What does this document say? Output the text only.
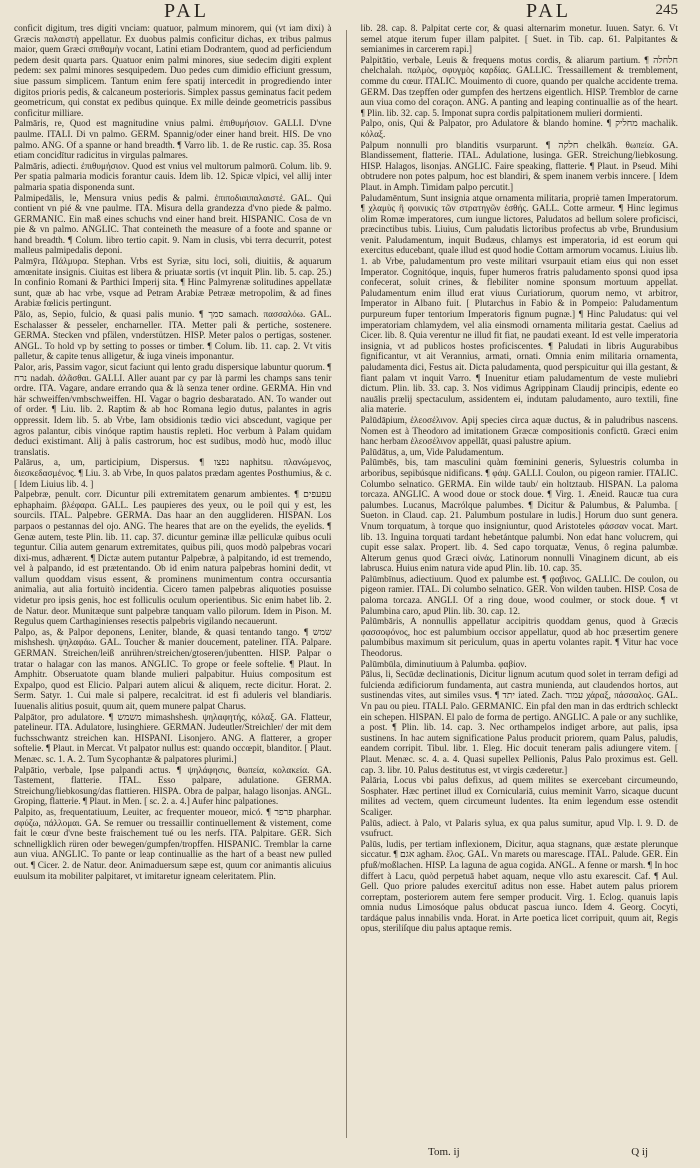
PAL	PAL	245

conficit digitum, tres digiti vnciam: quatuor, palmum minorem, qui (vt iam dixi) à Græcis παλαιστὴ appellatur. Ex duobus palmis conficitur dichas, ex tribus palmus maior, quem Græci σπιθαμὴν vocant, Latini etiam Dodrantem, quod ad perficiendum pedem desit quarta pars. Quatuor enim palmi minores, siue sedecim digiti explent pedem: sex palmi minores sesquipedem. Duo pedes cum dimidio efficiunt gressum, siue passum simplicem. Tantum enim fere spatij intercedit in progrediendo inter digitos prioris pedis, & calcaneum posterioris. Simplex passus geminatus facit pedem geometricum, qui constat ex pedibus quinque. Ex mille deinde geometricis passibus conficitur milliare.

Palmāris, re, Quod est magnitudine vnius palmi. ἐπιθυμήσιον. GALLI. D'vne paulme. ITALI. Di vn palmo. GERM. Spannig/oder einer hand breit. HIS. De vno palmo. ANG. Of a spanne or hand breadth. ¶ Varro lib. 1. de Re rustic. cap. 35. Rosa etiam concidītur radicitus in virgulas palmares.

Palmāris, adiecti. ἐπιθυμήσιον. Quod est vnius vel multorum palmorū. Colum. lib. 9. Per spatia palmaria modicis forantur cauis. Idem lib. 12. Spicæ vlpici, vel allij inter palmaria spatia disponenda sunt.

Palmipedālis, le, Mensura vnius pedis & palmi. ἐπιποδιαιπαλαιστέ. GAL. Qui contient vn pié & vne paulme. ITA. Misura della grandezza d'vno piede & palmo. GERMANIC. Ein maß eines schuchs vnd einer hand breit. HISPANIC. Cosa de vn pie & vn palmo. ANGLIC. That conteineth the measure of a foote and spanne or hand breadth. ¶ Colum. libro tertio capit. 9. Nam in clusis, vbi terra decurrit, potest malleus palmipedalis deponi.

Palmȳra, Πάλμυρα. Stephan. Vrbs est Syriæ, situ loci, soli, diuitiis, & aquarum amœnitate insignis. Ciuitas est libera & priuatæ sortis (vt inquit Plin. lib. 5. cap. 25.) In confinio Romani & Parthici Imperij sita. ¶ Hinc Palmyrenæ solitudines appellatæ sunt, quæ ab hac vrbe, vsque ad Petram Arabiæ Petrææ metropolim, & ad fines Arabiæ fœlicis pertingunt.

Pālo, as, Sepio, fulcio, & quasi palis munio. ¶ סמך samach. πασσαλόω. GAL. Eschalasser & pesseler, encharneller. ITA. Metter pali & pertiche, sostenere. GERMA. Stecken vnd pfälen, vnderstützen. HISP. Meter palos o pertigas, sostener. ANGL. To hold vp by setting to posses or timber. ¶ Colum. lib. 11. cap. 2. Vt vitis palletur, & capite tenus alligetur, & iuga vineis imponantur.

Palor, aris, Passim vagor, sicut faciunt qui lento gradu dispersique labuntur quorum. ¶ נרח nadah. ἀλᾶσθαι. GALLI. Aller auant par cy par là parmi les champs sans tenir ordre. ITA. Vagare, andare errando qua & là senza tener ordine. GERMA. Hin vnd här schweiffen/vmbschweiffen. HI. Vagar o bagrio desbaratado. AN. To wander out of order. ¶ Liu. lib. 2. Raptim & ab hoc Romana legio dutus, palantes in agris oppressit. Idem lib. 5. ab Vrbe, Iam obsidionis tædio vici abscedunt, vagique per agros palantur, cibis vinóque raptim haustis repleti. Hoc verbum à Palam quidam deduci existimant. Alij à palis castrorum, hoc est sudibus, modò huc, modò illuc translatis.

Palārus, a, um, participium, Dispersus. ¶ נפצו naphitsu. πλανώμενος, διεσκεδασμένος. ¶ Liu. 3. ab Vrbe, In quos palatos prædam agentes Posthumius, & c. [ Idem Liuius lib. 4. ]

Palpebræ, penult. corr. Dicuntur pili extremitatem genarum ambientes. ¶ עפעפים ephaphaim. βλέφαρα. GALL. Les paupieres des yeux, ou le poil qui y est, les sourcils. ITAL. Palpebre. GERMA. Das haar an den augglideren. HISPAN. Los parpaos o pestannas del ojo. ANG. The heares that are on the eyelids, the eyelids. ¶ Genæ autem, teste Plin. lib. 11. cap. 37. dicuntur geminæ illæ pelliculæ quibus oculi teguntur. Cilia autem genarum extremitates, quibus pili, quos modò palpebras vocari dixi-mus, adhærent. ¶ Dictæ autem putantur Palpebræ, à palpitando, id est tremendo, vel à palpando, id est prætentando. Ob id enim natura palpebras homini dedit, vt vallum quoddam visus essent, & prominens munimentum contra occursantia animalia, aut alia fortuitò incidentia. Cicero tamen palpebras aliquoties posuisse videtur pro ipsis genis, hoc est folliculis oculum operientibus. Sic enim habet lib. 2. de Natur. deor. Munitæque sunt palpebræ tanquam vallo pilorum. Idem in Pison. M. Regulus quem Carthaginienses resectis palpebris vigilando necauerunt.

Palpo, as, & Palpor deponens, Leniter, blande, & quasi tentando tango. ¶ שמש mishshesh. ψηλαφάω. GAL. Toucher & manier doucement, pateliner. ITA. Palpare. GERMAN. Streichen/leiß anrühren/streichen/gtoseren/jubentten. HISP. Palpar o tratar o halagar con las manos. ANGLIC. To grope or feele softelie. ¶ Plaut. In Amphitr. Obseruatote quam blande mulieri palpabitur. Huius compositum est Expalpo, quod est Elicio. Palpari autem alicui & aliquem, recte dicitur. Horat. 2. Serm. Satyr. 1. Cui male si palpere, recalcitrat. id est fi aduleris vel blandiaris. Iuuenalis alitius posuit, quum ait, quem munere palpat Charus.

Palpātor, pro adulatore. ¶ משמש mimashshesh. ψηλαφητής, κόλαξ. GA. Flatteur, patelineur. ITA. Adulatore, lusinghiere. GERMAN. Judeutler/Streichler/ der mit dem fuchsschwantz streichen kan. HISPANI. Lisonjero. ANG. A flatterer, a groper softelie. ¶ Plaut. in Mercat. Vt palpator nullus est: quando occœpit, blanditor. [ Plaut. Menæc. sc. 1. A. 2. Tum Sycophantæ & palpatores plurimi.]

Palpātio, verbale, Ipse palpandi actus. ¶ ψηλάφησις, θωπεία, κολακεία. GA. Tastement, flatterie. ITAL. Esso palpare, adulatione. GERMA. Streichung/liebkosung/das flattieren. HISPA. Obra de palpar, halago lisonjas. ANGL. Groping, flatterie. ¶ Plaut. in Men. [ sc. 2. a. 4.] Aufer hinc palpationes.

Palpito, as, frequentatiuum, Leuiter, ac frequenter moueor, micó. ¶ פרפר pharphar. σφύζω, πάλλομαι. GA. Se remuer ou tressaillir continuellement & vistement, come fait le cœur d'vne beste fraischement tué ou les nerfs. ITA. Palpitare. GER. Sich schnelligklich rüren oder bewegen/gumpfen/tropffen. HISPANIC. Tremblar la carne aun viua. ANGLIC. To pante or leap continuallie as the hart of a beast new pulled out. ¶ Cicer. 2. de Natur. deor. Animaduersum sæpe est, quum cor animantis alicuius euulsum ita mobiliter palpitaret, vt imitaretur igneam celeritatem. Plin.

lib. 28. cap. 8. Palpitat certe cor, & quasi alternarim monetur. Iuuen. Satyr. 6. Vt semel atque iterum fuper illam palpitet. [ Suet. in Tib. cap. 61. Palpitantes & semianimes in carcerem rapi.]

Palpitātio, verbale, Leuis & frequens motus cordis, & aliarum partium. ¶ חלחלה chelchalah. παλμὸς, σφυγμὸς καρδίας. GALLIC. Tressaillement & tremblement, comme du cœur. ITALIC. Mouimento di cuore, quando per qualche accidente trema. GERM. Das tzepffen oder gumpfen des hertzens eigentlich. HISP. Tremblor de carne aun viua como del coraçon. ANG. A panting and leaping continuallie as of the heart. ¶ Plin. lib. 32. cap. 5. Imponat supra cordis palpitationem mulieri dormienti.

Palpo, onis, Qui & Palpator, pro Adulatore & blando homine. ¶ מחליק machalik. κόλαξ.

Palpum nonnulli pro blanditis vsurparunt. ¶ חלקה chelkāh. θωπεία. GA. Blandissement, flatterie. ITAL. Adulatione, lusinga. GER. Streichung/liebkosung. HISP. Halagos, lisonjas. ANGLIC. Faire speaking, flatterie. ¶ Plaut. in Pseud. Mihi obtrudere non potes palpum, hoc est blandiri, & spem inanem verbis inncere. [ Idem Plaut. in Amph. Timidam palpo percutit.]

Paludamēntum, Sunt insignia atque ornamenta militaria, propriè tamen Imperatorum. ¶ χλαμὺς ἢ φοινικίς τῶν στρατηγῶν ἐσθής. GALL. Cotte armeur. ¶ Hinc legimus olim Romæ imperatores, cum iungue lictores, Paludatos ad bellum solere proficisci, præcinctibus tubis. Liuius, Cum paludatis lictoribus profectus ab vrbe, Brundusium venit. Paludamentum, inquit Budæus, chlamys est imperatoria, id est eorum qui exercitus educebant, quale illud est quod hodie Cottam armorum vocamus. Liuius lib. 1. ab Vrbe, paludamentum pro veste militari vsurpauit etiam eius qui non esset Imperator. Cognitóque, inquis, fuper humeros fratris paludamento sponsi quod ipsa confecerat, soluit crines, & flebiliter nomine sponsum mortuum appellat. Paludamentum enim illud erat viuus Curiatiorum, quorum nemo, vt arbitror, Imperator in Albano fuit. [ Plutarchus in Fabio & in Pompeio: Paludamentum purpureum fuper tentorium Imperatoris fignum pugnæ.] ¶ Hinc Paludatus: qui vel imperatoriam chlamydem, vel alia einsmodi ornamenta militaria gestat. Caelius ad Cicer. lib. 8. Quia verentur ne illud fit fiat, ne paudati exeant. Id est velle imperatoria insignia, vt ad publicos hostes proficiscentes. ¶ Paludati in libris Augurabibus fignificantur, vt ait Verannius, armati, ornati. Omnia enim militaria ornamenta, paludamenta dici, Festus ait. Dicta paludamenta, quod perspicuitur qui illa gestant, & fiant palam vt inquit Varro. ¶ Inuenitur etiam paludamentum de veste muliebri dictum. Plin. lib. 33. cap. 3. Nos vidimus Agrippinam Claudij principis, edente eo nauālis prælij spectaculum, assidentem ei, indutam paludamento, auro textili, fine alia materie.

Palūdāpium, ἑλεοσέλινον. Apij species circa aquæ ductus, & in paludribus nascens. Nomen est à Theodoro ad imitationem Græcæ compositionis confictū. Græci enim hanc herbam ἑλεοσέλινον appellāt, quasi palustre apium.

Palūdātus, a, um, Vide Paludamentum.

Palūmbēs, bis, tam masculini quàm fœminini generis, Syluestris columba in arboribus, sepibúsque nidificans. ¶ φάψ. GALLI. Coulon, ou pigeon ramier. ITALIC. Columbo selnatico. GERMA. Ein wilde taub/ ein holtztaub. HISPAN. La paloma torcaza. ANGLIC. A wood doue or stock doue. ¶ Virg. 1. Æneid. Raucæ tua cura palumbes. Lucanus, Macrólque palumbes. ¶ Dicitur & Palumbus, & Palumba. [ Sueton. in Claud. cap. 21. Palumbum postulare in ludis.] Horum duo sunt genera. Vnum torquatum, à torque quo insigniuntur, quod Aristoteles φάσσαν vocat. Mart. lib. 13. Inguina torquati tardant hebetántque palumbi. Non edat hanc volucrem, qui cupit esse salax. Propert. lib. 4. Sed capo torquatæ, Venus, ô regina palumbæ. Alterum genus quod Græci οἰνάς. Latinorum nonnulli Vinaginem dicunt, ab eis labrusca. Huius enim natura vide apud Plin. lib. 10. cap. 35.

Palūmbīnus, adiectiuum. Quod ex palumbe est. ¶ φαβινος. GALLIC. De coulon, ou pigeon ramier. ITAL. Di columbo selnatico. GER. Von wilden tauben. HISP. Cosa de paloma torcaza. ANGLI. Of a ring doue, wood coulmer, or stock doue. ¶ vt Palumbina caro, apud Plin. lib. 30. cap. 12.

Palūmbāris, A nonnullis appellatur accipitris quoddam genus, quod à Græcis φασσοφόνος, hoc est palumbium occisor appellatur, quod ab hoc præsertim genere palumbibus maximum sit periculum, quas in apertu volantes rapit. ¶ Vitur hac voce Theodorus.

Palūmbūla, diminutiuum à Palumba. φαβίον.

Pālus, li, Secūdæ declinationis, Dicitur lignum acutum quod solet in terram defigi ad fulcienda ædificiorum fundamenta, aut castra munienda, aut claudendos hortos, aut sustinendas vites, aut similes vsus. ¶ יתד iated. Zach. עמוד χάραξ, πάσσαλος. GAL. Vn pau ou pieu. ITALI. Palo. GERMANIC. Ein pfal den man in das erdtrich schleckt ein schepen. HISPAN. El palo de forma de pertigo. ANGLIC. A pale or any suchlike, a post. ¶ Plin. lib. 14. cap. 3. Nec orthampelos indiget arbore, aut palis, ipsa sustinens. In hac autem significatione Palus producit priorem, quam Palus, paludis, eandem corripit. Tibul. libr. 1. Eleg. Hic docuit teneram palis adiungere vitem. [ Plaut. Menæc. sc. 4. a. 4. Quasi supellex Pellionis, Palus Palo proximus est. Gell. cap. 3. libr. 10. Palus destitutus est, vt virgis cæderetur.]

Palāria, Locus vbi palus defixus, ad quem milites se exercebant circumeundo, Sosphater. Hæc pertinet illud ex Corniculariā, cuius meminit Varro, sicaque ducunt milites ad vectem, quem circumeunt ludentes. Ita enim legendum esse ostendit Scaliger.

Palūs, adiect. à Palo, vt Palaris sylua, ex qua palus sumitur, apud Vlp. l. 9. D. de vsufruct.

Palūs, ludis, per tertiam inflexionem, Dicitur, aqua stagnans, quæ æstate plerunque siccatur. ¶ אגם agham. ἕλος. GAL. Vn marets ou marescage. ITAL. Palude. GER. Ein pfuß/moßlachen. HISP. La laguna de agua cogida. ANGL. A fenne or marsh. ¶ In hoc differt à Lacu, quòd perpetuā habet aquam, neque vllo astu exarescit. Caf. ¶ Aul. Gell. Quo priore paludes exercituī aditus non esse. Habet autem palus priorem correptam, posteriorem autem fere semper producit. Virg. 1. Eclog. quanuis lapis omnia nudus Limosóque palus obducat pascua iunco. Idem 4. Georg. Cocyti, tardáque palus innabilis vnda. Horat. in Arte poetica licet corripuit, quum ait, Regis opus, sterilíſque diu palus aptaque remis.

Tom. ij	Q ij
